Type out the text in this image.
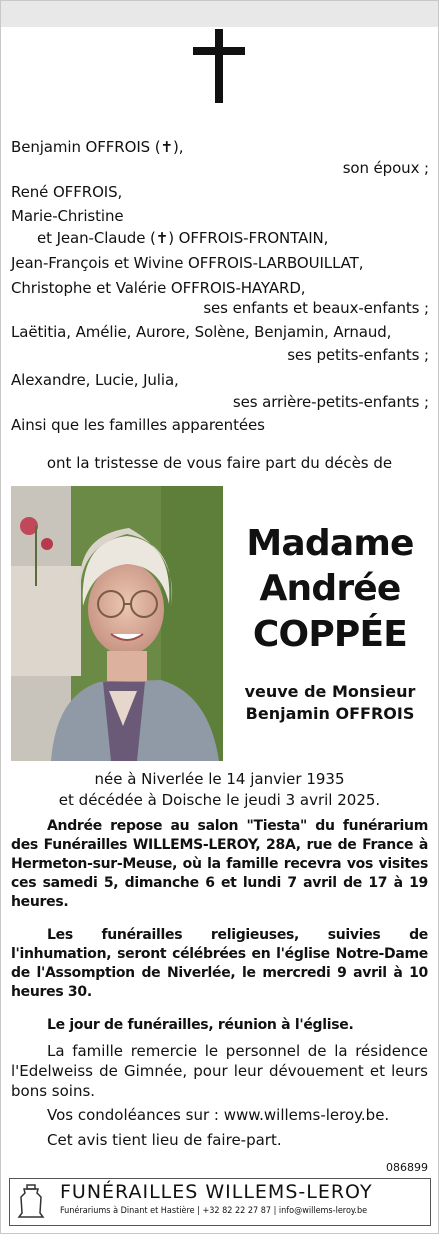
Benjamin OFFROIS (✝),
son époux ;
René OFFROIS,
Marie-Christine
et Jean-Claude (✝) OFFROIS-FRONTAIN,
Jean-François et Wivine OFFROIS-LARBOUILLAT,
Christophe et Valérie OFFROIS-HAYARD,
ses enfants et beaux-enfants ;
Laëtitia, Amélie, Aurore, Solène, Benjamin, Arnaud,
ses petits-enfants ;
Alexandre, Lucie, Julia,
ses arrière-petits-enfants ;
Ainsi que les familles apparentées
ont la tristesse de vous faire part du décès de
Madame
Andrée
COPPÉE
veuve de Monsieur
Benjamin OFFROIS
née à Niverlée le 14 janvier 1935
et décédée à Doische le jeudi 3 avril 2025.
Andrée repose au salon "Tiesta" du funérarium des Funérailles WILLEMS-LEROY, 28A, rue de France à Hermeton-sur-Meuse, où la famille recevra vos visites ces samedi 5, dimanche 6 et lundi 7 avril de 17 à 19 heures.
Les funérailles religieuses, suivies de l'inhumation, seront célébrées en l'église Notre-Dame de l'Assomption de Niverlée, le mercredi 9 avril à 10 heures 30.
Le jour de funérailles, réunion à l'église.
La famille remercie le personnel de la résidence l'Edelweiss de Gimnée, pour leur dévouement et leurs bons soins.
Vos condoléances sur : www.willems-leroy.be.
Cet avis tient lieu de faire-part.
086899
FUNÉRAILLES WILLEMS-LEROY
Funérariums à Dinant et Hastière | +32 82 22 27 87 | info@willems-leroy.be
